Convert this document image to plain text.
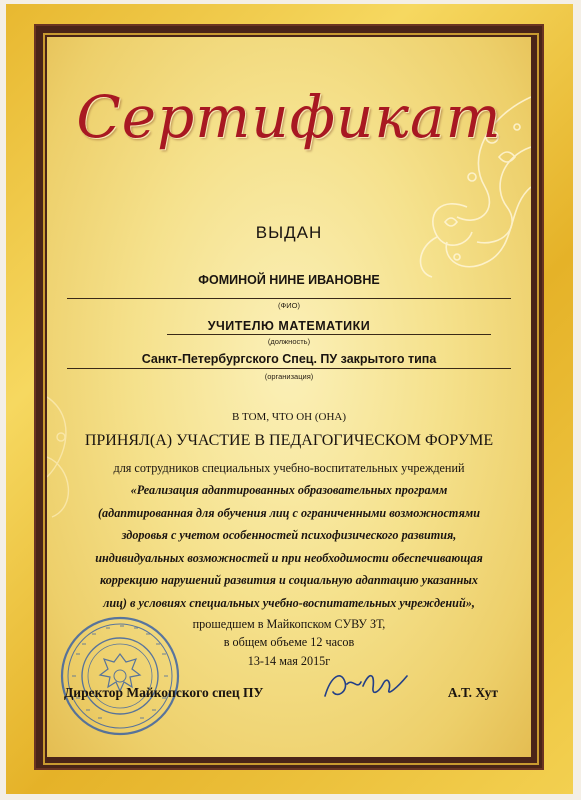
Сертификат
ВЫДАН
ФОМИНОЙ НИНЕ ИВАНОВНЕ
(ФИО)
УЧИТЕЛЮ МАТЕМАТИКИ
(должность)
Санкт-Петербургского Спец. ПУ закрытого типа
(организация)
В ТОМ, ЧТО ОН (ОНА)
ПРИНЯЛ(А) УЧАСТИЕ В ПЕДАГОГИЧЕСКОМ ФОРУМЕ
для сотрудников специальных учебно-воспитательных учреждений
«Реализация адаптированных образовательных программ
(адаптированная для обучения лиц с ограниченными возможностями
здоровья с учетом особенностей психофизического развития,
индивидуальных возможностей и при необходимости обеспечивающая
коррекцию нарушений развития и социальную адаптацию указанных
лиц) в условиях специальных учебно-воспитательных учреждений»,
прошедшем в Майкопском СУВУ ЗТ,
в общем объеме 12 часов
13-14 мая 2015г
Директор Майкопского спец ПУ	А.Т. Хут
